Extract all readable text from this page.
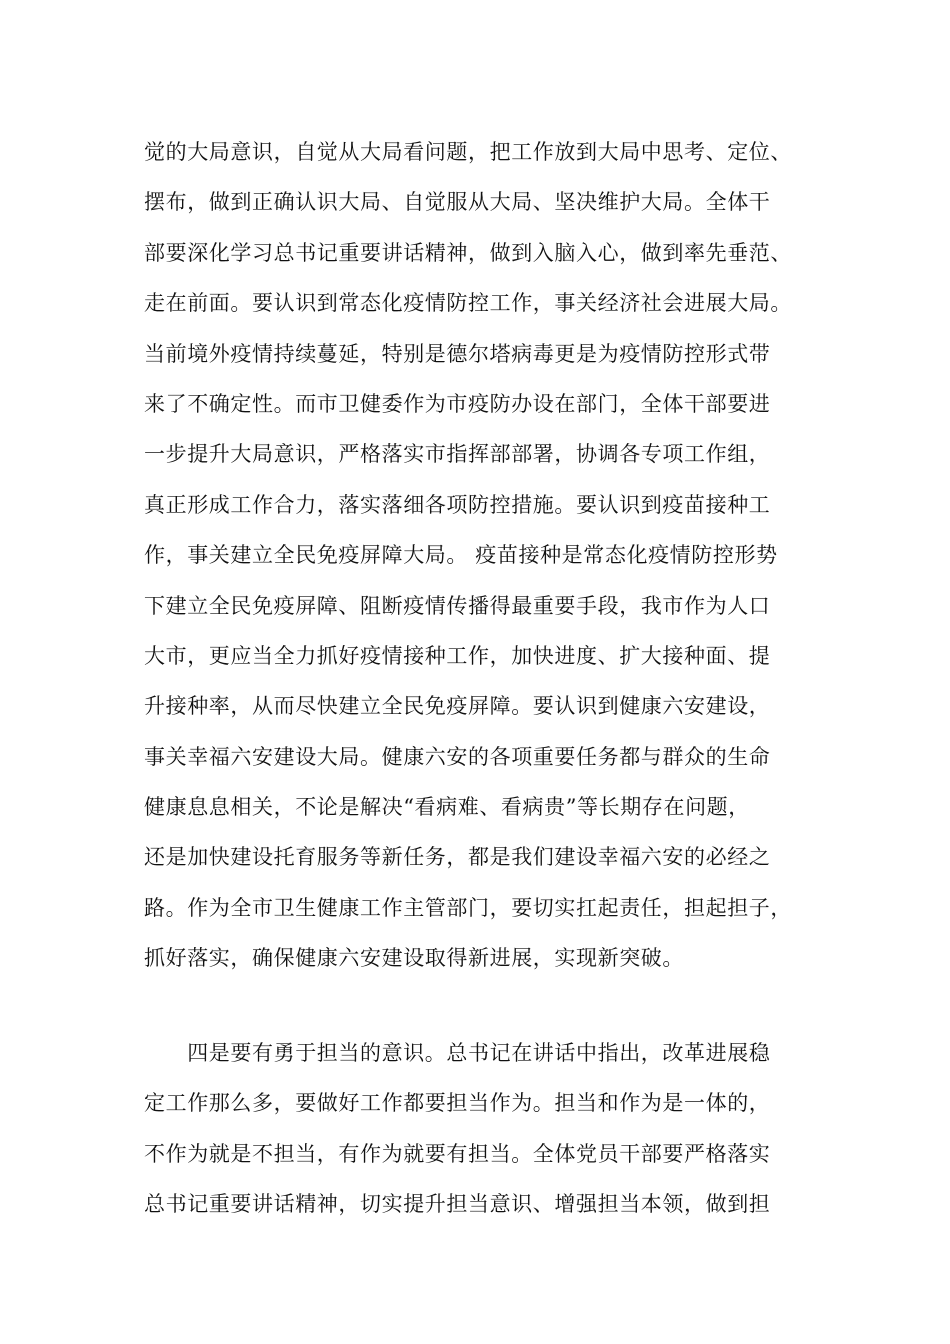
觉的大局意识，自觉从大局看问题，把工作放到大局中思考、定位、
摆布，做到正确认识大局、自觉服从大局、坚决维护大局。全体干
部要深化学习总书记重要讲话精神，做到入脑入心，做到率先垂范、
走在前面。要认识到常态化疫情防控工作，事关经济社会进展大局。
当前境外疫情持续蔓延，特别是德尔塔病毒更是为疫情防控形式带
来了不确定性。而市卫健委作为市疫防办设在部门，全体干部要进
一步提升大局意识，严格落实市指挥部部署，协调各专项工作组，
真正形成工作合力，落实落细各项防控措施。要认识到疫苗接种工
作，事关建立全民免疫屏障大局。 疫苗接种是常态化疫情防控形势
下建立全民免疫屏障、阻断疫情传播得最重要手段，我市作为人口
大市，更应当全力抓好疫情接种工作，加快进度、扩大接种面、提
升接种率，从而尽快建立全民免疫屏障。要认识到健康六安建设，
事关幸福六安建设大局。健康六安的各项重要任务都与群众的生命
健康息息相关，不论是解决“看病难、看病贵”等长期存在问题，
还是加快建设托育服务等新任务，都是我们建设幸福六安的必经之
路。作为全市卫生健康工作主管部门，要切实扛起责任，担起担子，
抓好落实，确保健康六安建设取得新进展，实现新突破。
　　四是要有勇于担当的意识。总书记在讲话中指出，改革进展稳
定工作那么多，要做好工作都要担当作为。担当和作为是一体的，
不作为就是不担当，有作为就要有担当。全体党员干部要严格落实
总书记重要讲话精神，切实提升担当意识、增强担当本领，做到担
